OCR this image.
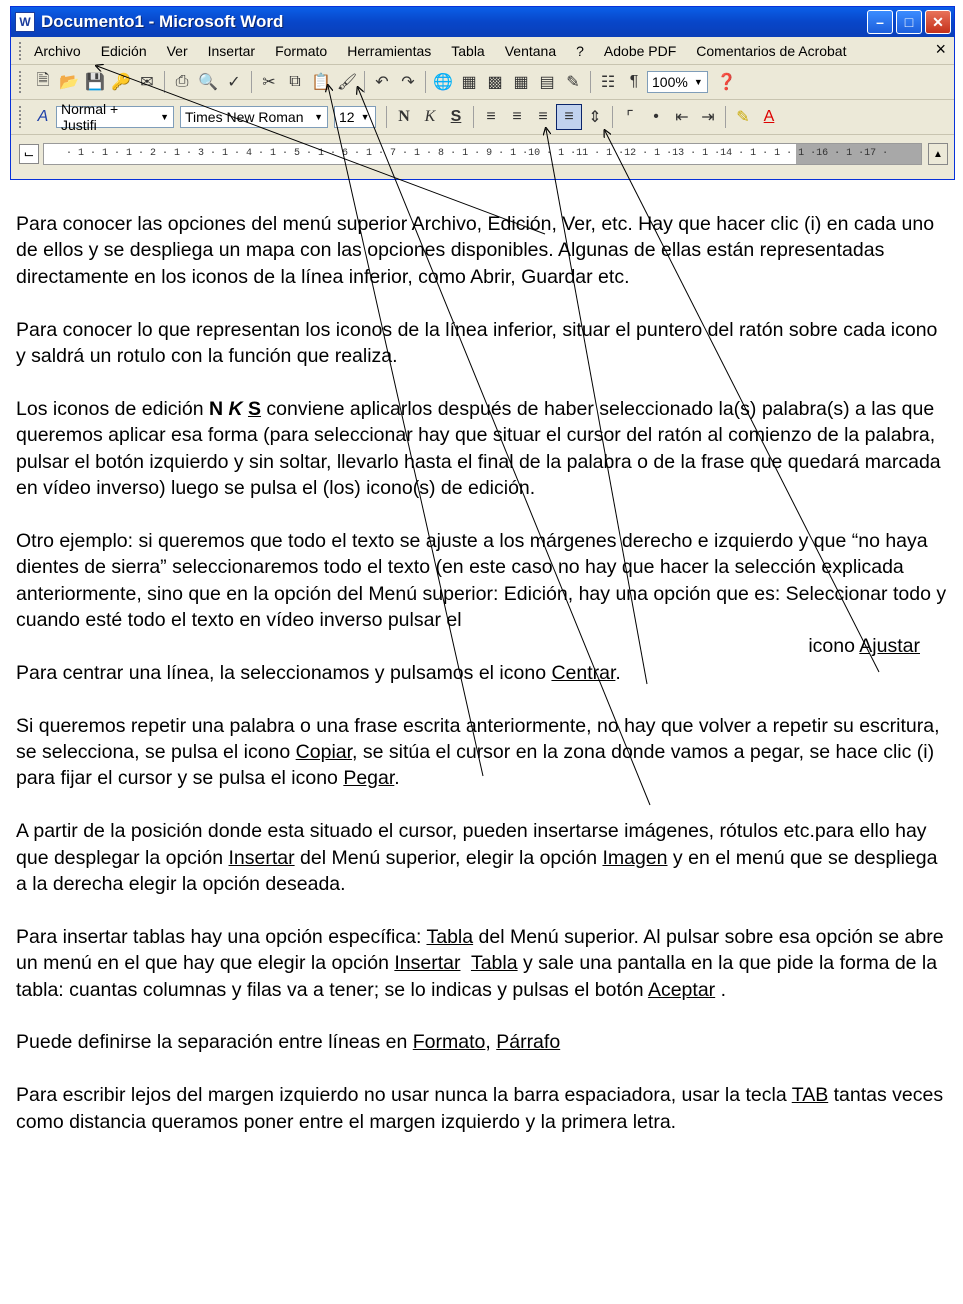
W Documento1 - Microsoft Word	– □ ✕
Archivo Edición Ver Insertar Formato Herramientas Tabla Ventana ? Adobe PDF Comentarios de Acrobat	×
🗎 📂 💾 🔑 ✉	⎙ 🔍 ✓	✂ ⧉ 📋 🖌	↶ ↷	🌐 ▦ ▩ ▦ ▤ ✎	☷ ¶ 100% ▼ ❓
A Normal + Justifi	▼ Times New Roman ▼ 12 ▼	N K S	≡	≡	≡	≡ ⇕	⌜	•	⇤ ⇥	✎ A
⌙	· 1 · 1 · 1 · 2 · 1 · 3 · 1 · 4 · 1 · 5 · 1 · 6 · 1 · 7 · 1 · 8 · 1 · 9 · 1 ·10 · 1 ·11 · 1 ·12 · 1 ·13 · 1 ·14 · 1 · 1 · 1 ·16 · 1 ·17 ·	▲

Para conocer las opciones del menú superior Archivo, Edición, Ver, etc. Hay que hacer clic (i) en cada uno de ellos y se despliega un mapa con las opciones disponibles. Algunas de ellas están representadas directamente en los iconos de la línea inferior, como Abrir, Guardar etc.

Para conocer lo que representan los iconos de la línea inferior, situar el puntero del ratón sobre cada icono y saldrá un rotulo con la función que realiza.

Los iconos de edición N K S conviene aplicarlos después de haber seleccionado la(s) palabra(s) a las que queremos aplicar esa forma (para seleccionar hay que situar el cursor del ratón al comienzo de la palabra, pulsar el botón izquierdo y sin soltar, llevarlo hasta el final de la palabra o de la frase que quedará marcada en vídeo inverso) luego se pulsa el (los) icono(s) de edición.

Otro ejemplo: si queremos que todo el texto se ajuste a los márgenes derecho e izquierdo y que “no haya dientes de sierra” seleccionaremos todo el texto (en este caso no hay que hacer la selección explicada anteriormente, sino que en la opción del Menú superior: Edición, hay una opción que es: Seleccionar todo y cuando esté todo el texto en vídeo inverso pulsar el

icono Ajustar

Para centrar una línea, la seleccionamos y pulsamos el icono Centrar.

Si queremos repetir una palabra o una frase escrita anteriormente, no hay que volver a repetir su escritura, se selecciona, se pulsa el icono Copiar, se sitúa el cursor en la zona donde vamos a pegar, se hace clic (i) para fijar el cursor y se pulsa el icono Pegar.

A partir de la posición donde esta situado el cursor, pueden insertarse imágenes, rótulos etc.para ello hay que desplegar la opción Insertar del Menú superior, elegir la opción Imagen y en el menú que se despliega a la derecha elegir la opción deseada.

Para insertar tablas hay una opción específica: Tabla del Menú superior. Al pulsar sobre esa opción se abre un menú en el que hay que elegir la opción Insertar Tabla y sale una pantalla en la que pide la forma de la tabla: cuantas columnas y filas va a tener; se lo indicas y pulsas el botón Aceptar .

Puede definirse la separación entre líneas en Formato, Párrafo

Para escribir lejos del margen izquierdo no usar nunca la barra espaciadora, usar la tecla TAB tantas veces como distancia queramos poner entre el margen izquierdo y la primera letra.
